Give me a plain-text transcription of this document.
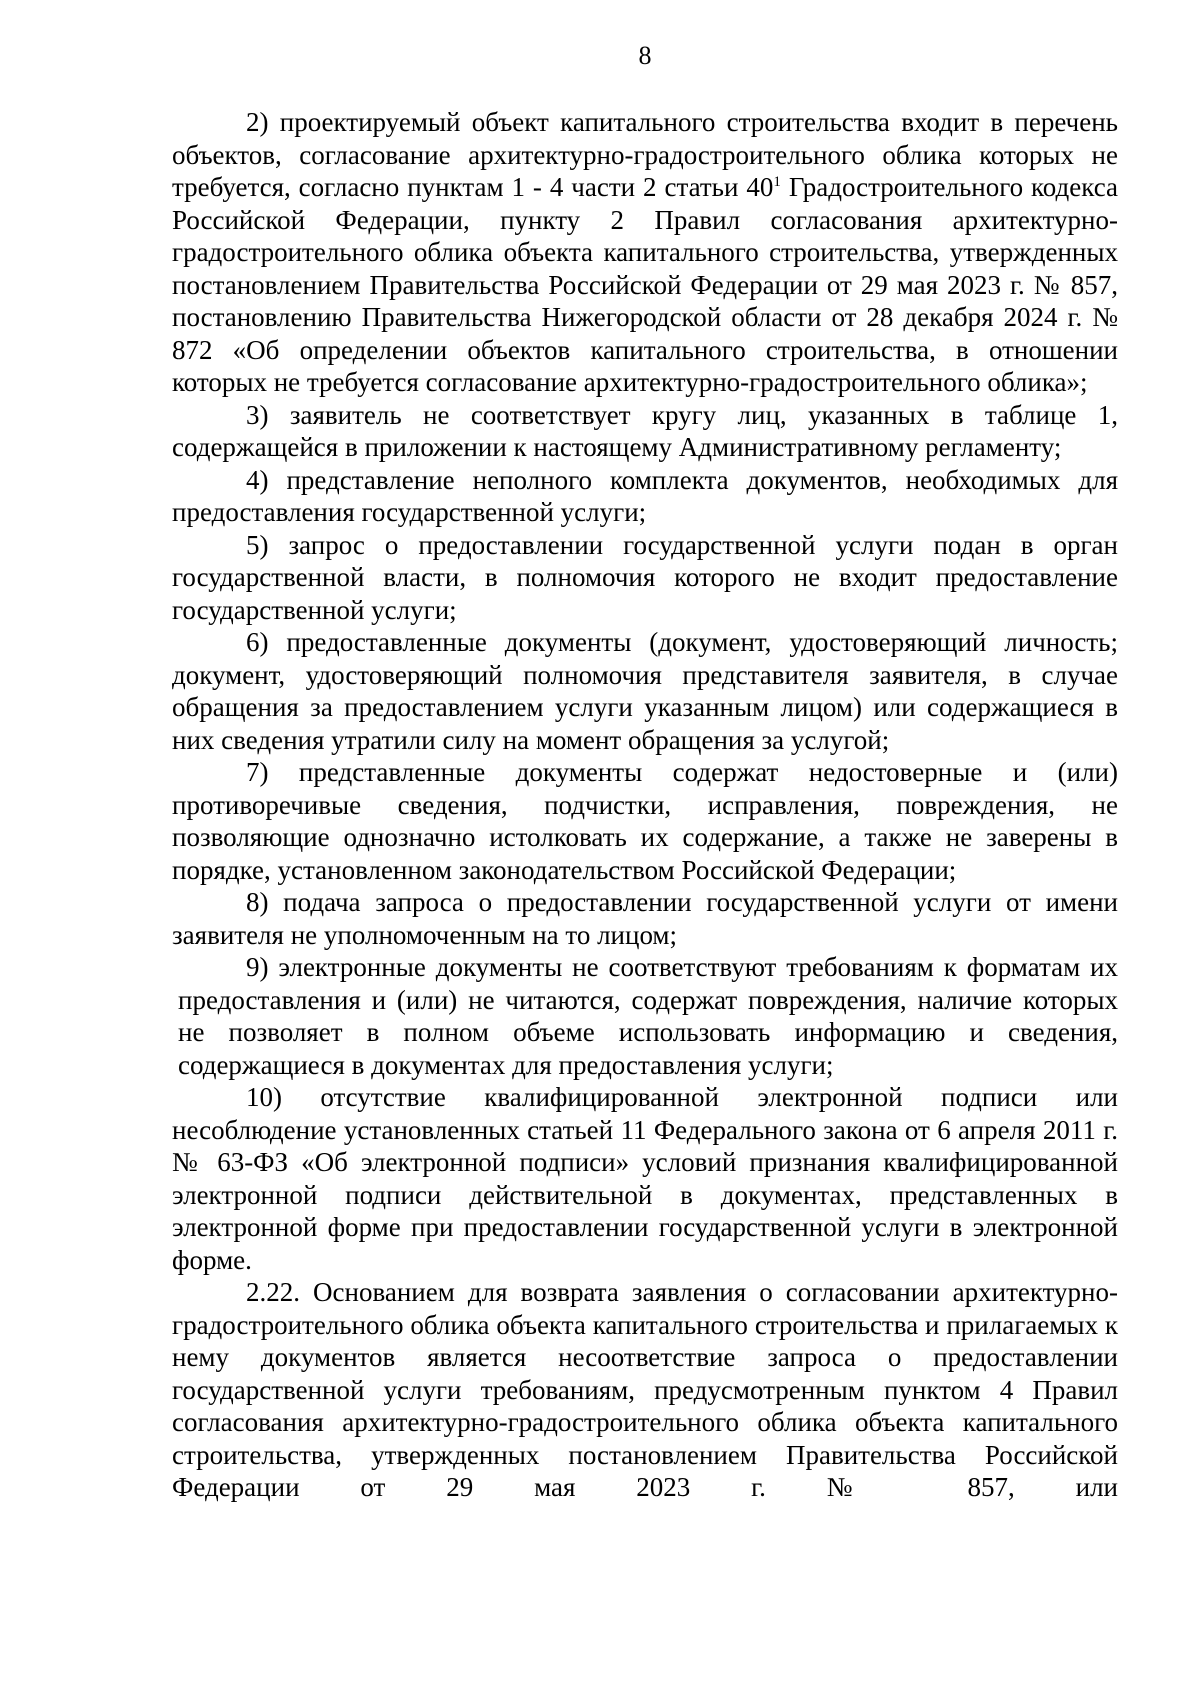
8

2) проектируемый объект капитального строительства входит в перечень объектов, согласование архитектурно-градостроительного облика которых не требуется, согласно пунктам 1 - 4 части 2 статьи $40^1$ Градостроительного кодекса Российской Федерации, пункту 2 Правил согласования архитектурно-градостроительного облика объекта капитального строительства, утвержденных постановлением Правительства Российской Федерации от 29 мая 2023 г. № 857, постановлению Правительства Нижегородской области от 28 декабря 2024 г. № 872 «Об определении объектов капитального строительства, в отношении которых не требуется согласование архитектурно-градостроительного облика»;

3) заявитель не соответствует кругу лиц, указанных в таблице 1, содержащейся в приложении к настоящему Административному регламенту;

4) представление неполного комплекта документов, необходимых для предоставления государственной услуги;

5) запрос о предоставлении государственной услуги подан в орган государственной власти, в полномочия которого не входит предоставление государственной услуги;

6) предоставленные документы (документ, удостоверяющий личность; документ, удостоверяющий полномочия представителя заявителя, в случае обращения за предоставлением услуги указанным лицом) или содержащиеся в них сведения утратили силу на момент обращения за услугой;

7) представленные документы содержат недостоверные и (или) противоречивые сведения, подчистки, исправления, повреждения, не позволяющие однозначно истолковать их содержание, а также не заверены в порядке, установленном законодательством Российской Федерации;

8) подача запроса о предоставлении государственной услуги от имени заявителя не уполномоченным на то лицом;

9) электронные документы не соответствуют требованиям к форматам их предоставления и (или) не читаются, содержат повреждения, наличие которых не позволяет в полном объеме использовать информацию и сведения, содержащиеся в документах для предоставления услуги;

10) отсутствие квалифицированной электронной подписи или несоблюдение установленных статьей 11 Федерального закона от 6 апреля 2011 г. № 63-ФЗ «Об электронной подписи» условий признания квалифицированной электронной подписи действительной в документах, представленных в электронной форме при предоставлении государственной услуги в электронной форме.

2.22. Основанием для возврата заявления о согласовании архитектурно-градостроительного облика объекта капитального строительства и прилагаемых к нему документов является несоответствие запроса о предоставлении государственной услуги требованиям, предусмотренным пунктом 4 Правил согласования архитектурно-градостроительного облика объекта капитального строительства, утвержденных постановлением Правительства Российской Федерации от 29 мая 2023 г. № 857, или
